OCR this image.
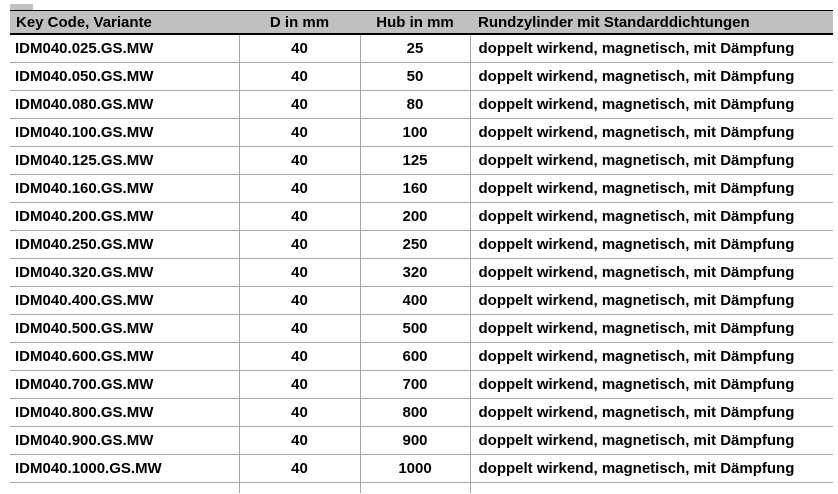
Key Code, Variante	D in mm	Hub in mm	Rundzylinder mit Standarddichtungen
IDM040.025.GS.MW	40	25	doppelt wirkend, magnetisch, mit Dämpfung
IDM040.050.GS.MW	40	50	doppelt wirkend, magnetisch, mit Dämpfung
IDM040.080.GS.MW	40	80	doppelt wirkend, magnetisch, mit Dämpfung
IDM040.100.GS.MW	40	100	doppelt wirkend, magnetisch, mit Dämpfung
IDM040.125.GS.MW	40	125	doppelt wirkend, magnetisch, mit Dämpfung
IDM040.160.GS.MW	40	160	doppelt wirkend, magnetisch, mit Dämpfung
IDM040.200.GS.MW	40	200	doppelt wirkend, magnetisch, mit Dämpfung
IDM040.250.GS.MW	40	250	doppelt wirkend, magnetisch, mit Dämpfung
IDM040.320.GS.MW	40	320	doppelt wirkend, magnetisch, mit Dämpfung
IDM040.400.GS.MW	40	400	doppelt wirkend, magnetisch, mit Dämpfung
IDM040.500.GS.MW	40	500	doppelt wirkend, magnetisch, mit Dämpfung
IDM040.600.GS.MW	40	600	doppelt wirkend, magnetisch, mit Dämpfung
IDM040.700.GS.MW	40	700	doppelt wirkend, magnetisch, mit Dämpfung
IDM040.800.GS.MW	40	800	doppelt wirkend, magnetisch, mit Dämpfung
IDM040.900.GS.MW	40	900	doppelt wirkend, magnetisch, mit Dämpfung
IDM040.1000.GS.MW	40	1000	doppelt wirkend, magnetisch, mit Dämpfung
